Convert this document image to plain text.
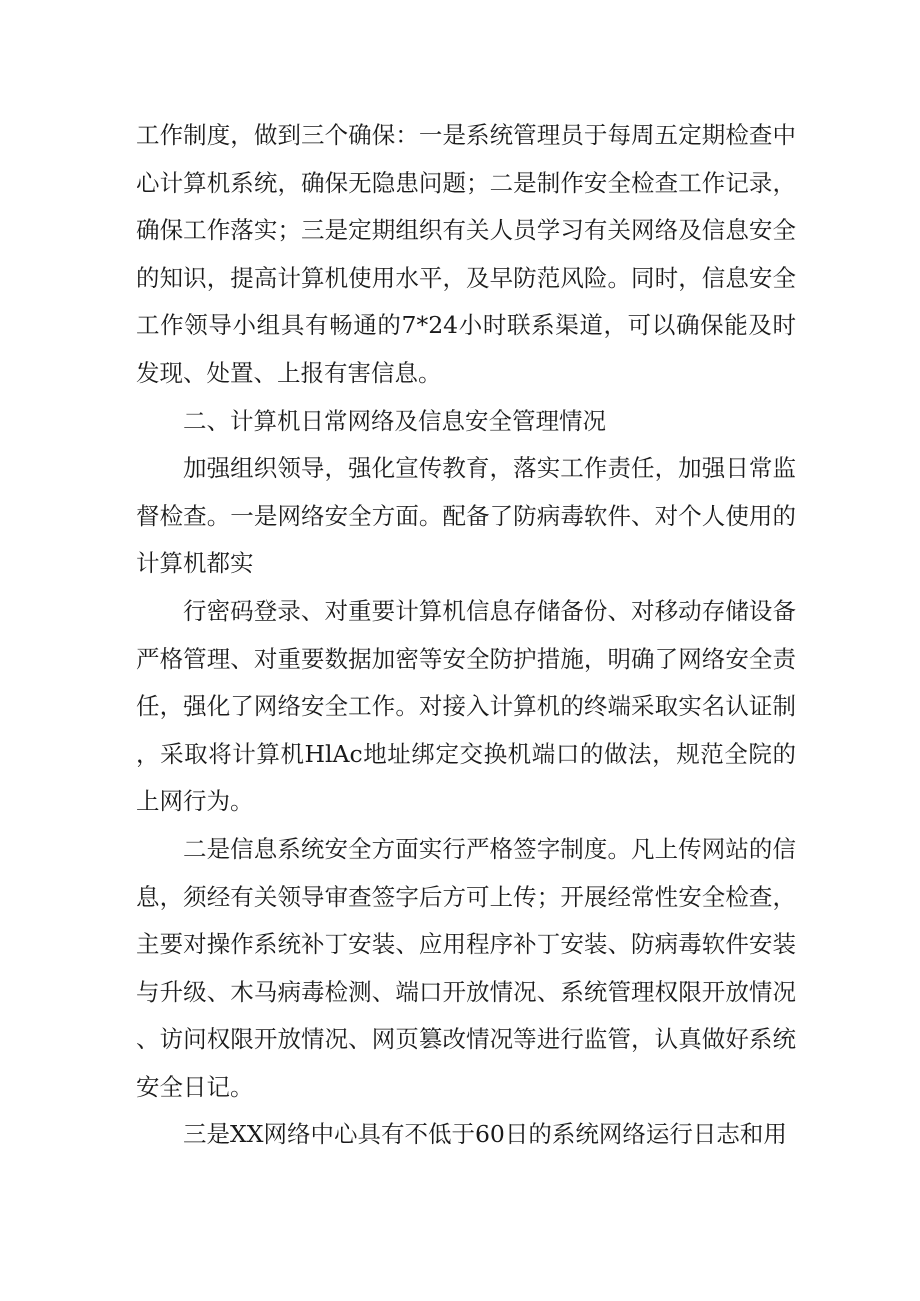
工作制度，做到三个确保：一是系统管理员于每周五定期检查中心计算机系统，确保无隐患问题；二是制作安全检查工作记录，确保工作落实；三是定期组织有关人员学习有关网络及信息安全的知识，提高计算机使用水平，及早防范风险。同时，信息安全工作领导小组具有畅通的7*24小时联系渠道，可以确保能及时发现、处置、上报有害信息。

二、计算机日常网络及信息安全管理情况

加强组织领导，强化宣传教育，落实工作责任，加强日常监督检查。一是网络安全方面。配备了防病毒软件、对个人使用的计算机都实

行密码登录、对重要计算机信息存储备份、对移动存储设备严格管理、对重要数据加密等安全防护措施，明确了网络安全责任，强化了网络安全工作。对接入计算机的终端采取实名认证制，采取将计算机HlAc地址绑定交换机端口的做法，规范全院的上网行为。

二是信息系统安全方面实行严格签字制度。凡上传网站的信息，须经有关领导审查签字后方可上传；开展经常性安全检查，主要对操作系统补丁安装、应用程序补丁安装、防病毒软件安装与升级、木马病毒检测、端口开放情况、系统管理权限开放情况、访问权限开放情况、网页篡改情况等进行监管，认真做好系统安全日记。

三是XX网络中心具有不低于60日的系统网络运行日志和用
